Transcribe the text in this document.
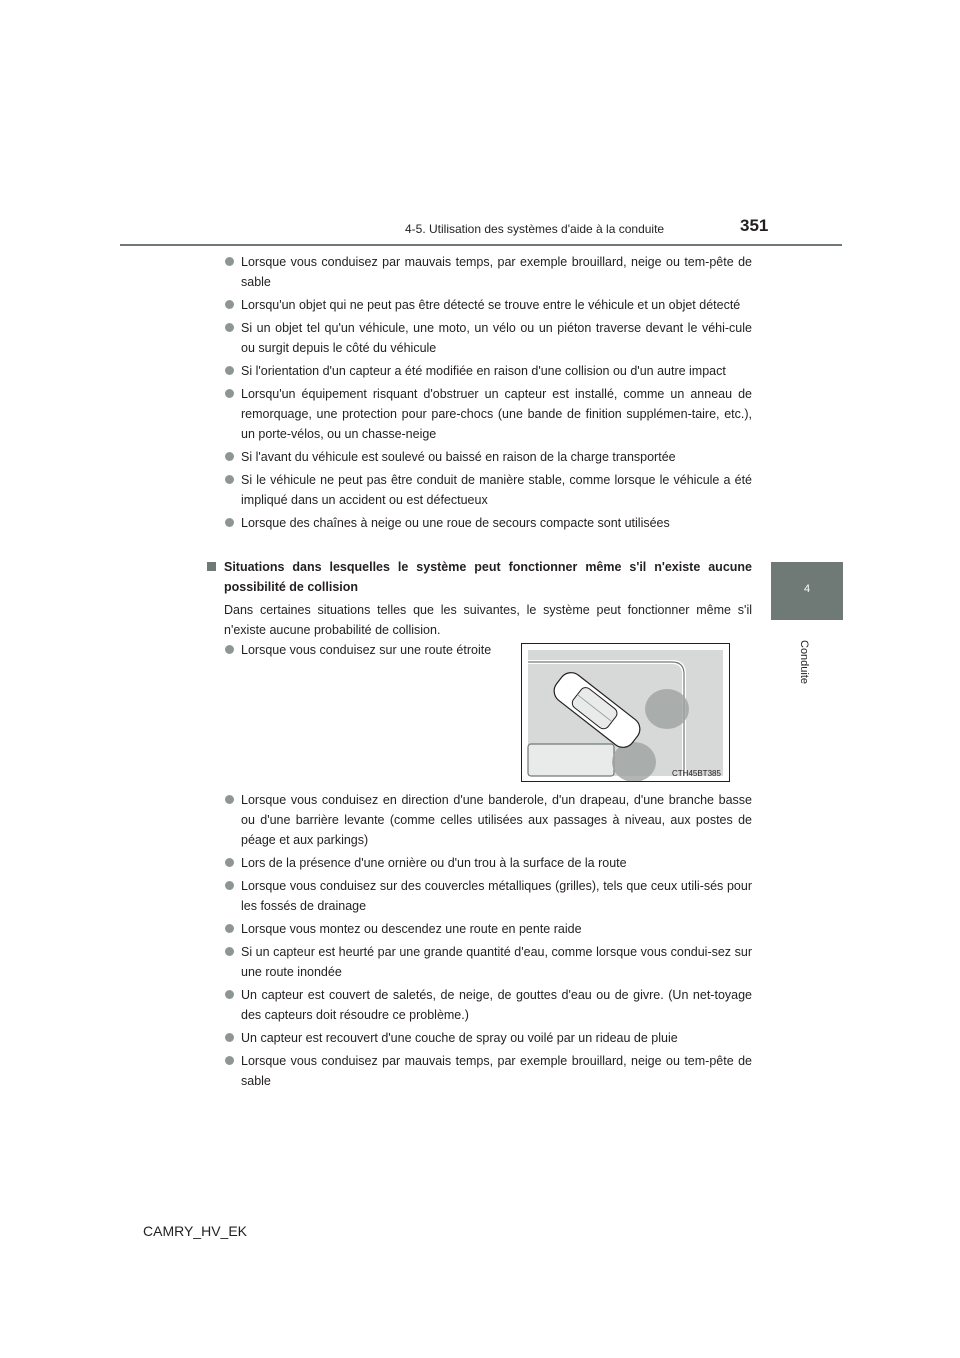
4-5. Utilisation des systèmes d'aide à la conduite	351
4
Conduite
Lorsque vous conduisez par mauvais temps, par exemple brouillard, neige ou tem-pête de sable
Lorsqu'un objet qui ne peut pas être détecté se trouve entre le véhicule et un objet détecté
Si un objet tel qu'un véhicule, une moto, un vélo ou un piéton traverse devant le véhi-cule ou surgit depuis le côté du véhicule
Si l'orientation d'un capteur a été modifiée en raison d'une collision ou d'un autre impact
Lorsqu'un équipement risquant d'obstruer un capteur est installé, comme un anneau de remorquage, une protection pour pare-chocs (une bande de finition supplémen-taire, etc.), un porte-vélos, ou un chasse-neige
Si l'avant du véhicule est soulevé ou baissé en raison de la charge transportée
Si le véhicule ne peut pas être conduit de manière stable, comme lorsque le véhicule a été impliqué dans un accident ou est défectueux
Lorsque des chaînes à neige ou une roue de secours compacte sont utilisées
Situations dans lesquelles le système peut fonctionner même s'il n'existe aucune possibilité de collision
Dans certaines situations telles que les suivantes, le système peut fonctionner même s'il n'existe aucune probabilité de collision.
Lorsque vous conduisez sur une route étroite
CTH45BT385
Lorsque vous conduisez en direction d'une banderole, d'un drapeau, d'une branche basse ou d'une barrière levante (comme celles utilisées aux passages à niveau, aux postes de péage et aux parkings)
Lors de la présence d'une ornière ou d'un trou à la surface de la route
Lorsque vous conduisez sur des couvercles métalliques (grilles), tels que ceux utili-sés pour les fossés de drainage
Lorsque vous montez ou descendez une route en pente raide
Si un capteur est heurté par une grande quantité d'eau, comme lorsque vous condui-sez sur une route inondée
Un capteur est couvert de saletés, de neige, de gouttes d'eau ou de givre. (Un net-toyage des capteurs doit résoudre ce problème.)
Un capteur est recouvert d'une couche de spray ou voilé par un rideau de pluie
Lorsque vous conduisez par mauvais temps, par exemple brouillard, neige ou tem-pête de sable
CAMRY_HV_EK
